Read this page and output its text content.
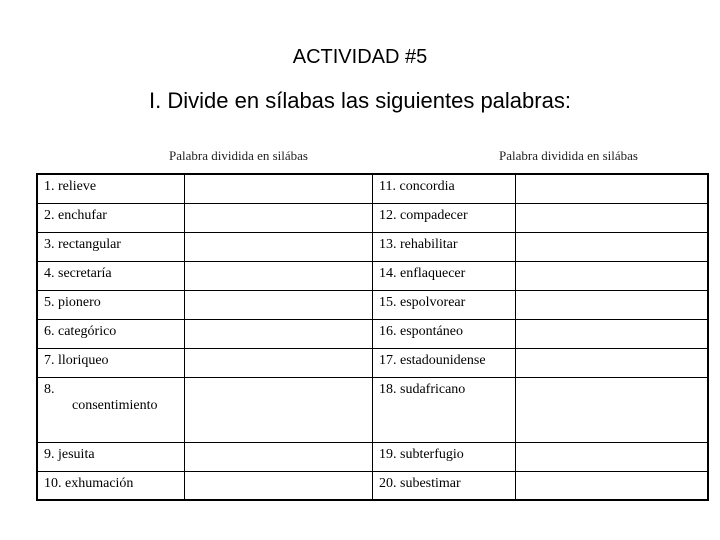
ACTIVIDAD #5
I. Divide en sílabas las siguientes palabras:
Palabra dividida en silábas	Palabra dividida en silábas
1. relieve		11. concordia	
2. enchufar		12. compadecer	
3. rectangular		13. rehabilitar	
4. secretaría		14. enflaquecer	
5. pionero		15. espolvorear	
6. categórico		16. espontáneo	
7. lloriqueo		17. estadounidense	
8.
consentimiento		18. sudafricano	
9. jesuita		19. subterfugio	
10. exhumación		20. subestimar	
